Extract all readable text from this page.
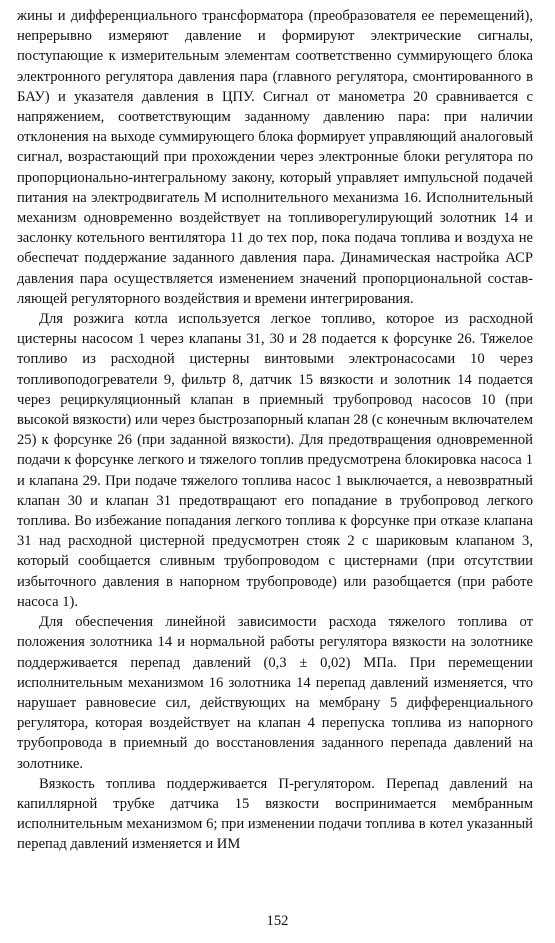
жины и дифференциального трансформатора (преобразователя ее перемещений), непрерывно измеряют давление и формируют электрические сигналы, поступающие к измерительным элементам соответственно суммирующего блока электронного регулятора давления пара (главного регулятора, смонтированного в БАУ) и указателя давления в ЦПУ. Сигнал от манометра 20 сравнивается с напряжением, соответствующим заданному давлению пара: при наличии отклонения на выходе суммирующего блока формирует управляющий аналоговый сигнал, возрастающий при прохождении через электронные блоки регулятора по пропорционально-интегральному закону, который управляет импульсной подачей питания на электродвигатель М исполнительного механизма 16. Исполнительный механизм одновременно воздействует на топливорегулирующий золотник 14 и заслонку котельного вентилятора 11 до тех пор, пока подача топлива и воздуха не обеспечат поддержание заданного давления пара. Динамическая настройка АСР давления пара осуществляется изменением значений пропорциональной составляющей регуляторного воздействия и времени интегрирования.

Для розжига котла используется легкое топливо, которое из расходной цистерны насосом 1 через клапаны 31, 30 и 28 подается к форсунке 26. Тяжелое топливо из расходной цистерны винтовыми электронасосами 10 через топливоподогреватели 9, фильтр 8, датчик 15 вязкости и золотник 14 подается через рециркуляционный клапан в приемный трубопровод насосов 10 (при высокой вязкости) или через быстрозапорный клапан 28 (с конечным включателем 25) к форсунке 26 (при заданной вязкости). Для предотвращения одновременной подачи к форсунке легкого и тяжелого топлив предусмотрена блокировка насоса 1 и клапана 29. При подаче тяжелого топлива насос 1 выключается, а невозвратный клапан 30 и клапан 31 предотвращают его попадание в трубопровод легкого топлива. Во избежание попадания легкого топлива к форсунке при отказе клапана 31 над расходной цистерной предусмотрен стояк 2 с шариковым клапаном 3, который сообщается сливным трубопроводом с цистернами (при отсутствии избыточного давления в напорном трубопроводе) или разобщается (при работе насоса 1).

Для обеспечения линейной зависимости расхода тяжелого топлива от положения золотника 14 и нормальной работы регулятора вязкости на золотнике поддерживается перепад давлений (0,3 ± 0,02) МПа. При перемещении исполнительным механизмом 16 золотника 14 перепад давлений изменяется, что нарушает равновесие сил, действующих на мембрану 5 дифференциального регулятора, которая воздействует на клапан 4 перепуска топлива из напорного трубопровода в приемный до восстановления заданного перепада давлений на золотнике.

Вязкость топлива поддерживается П-регулятором. Перепад давлений на капиллярной трубке датчика 15 вязкости воспринимается мембранным исполнительным механизмом 6; при изменении подачи топлива в котел указанный перепад давлений изменяется и ИМ

152
